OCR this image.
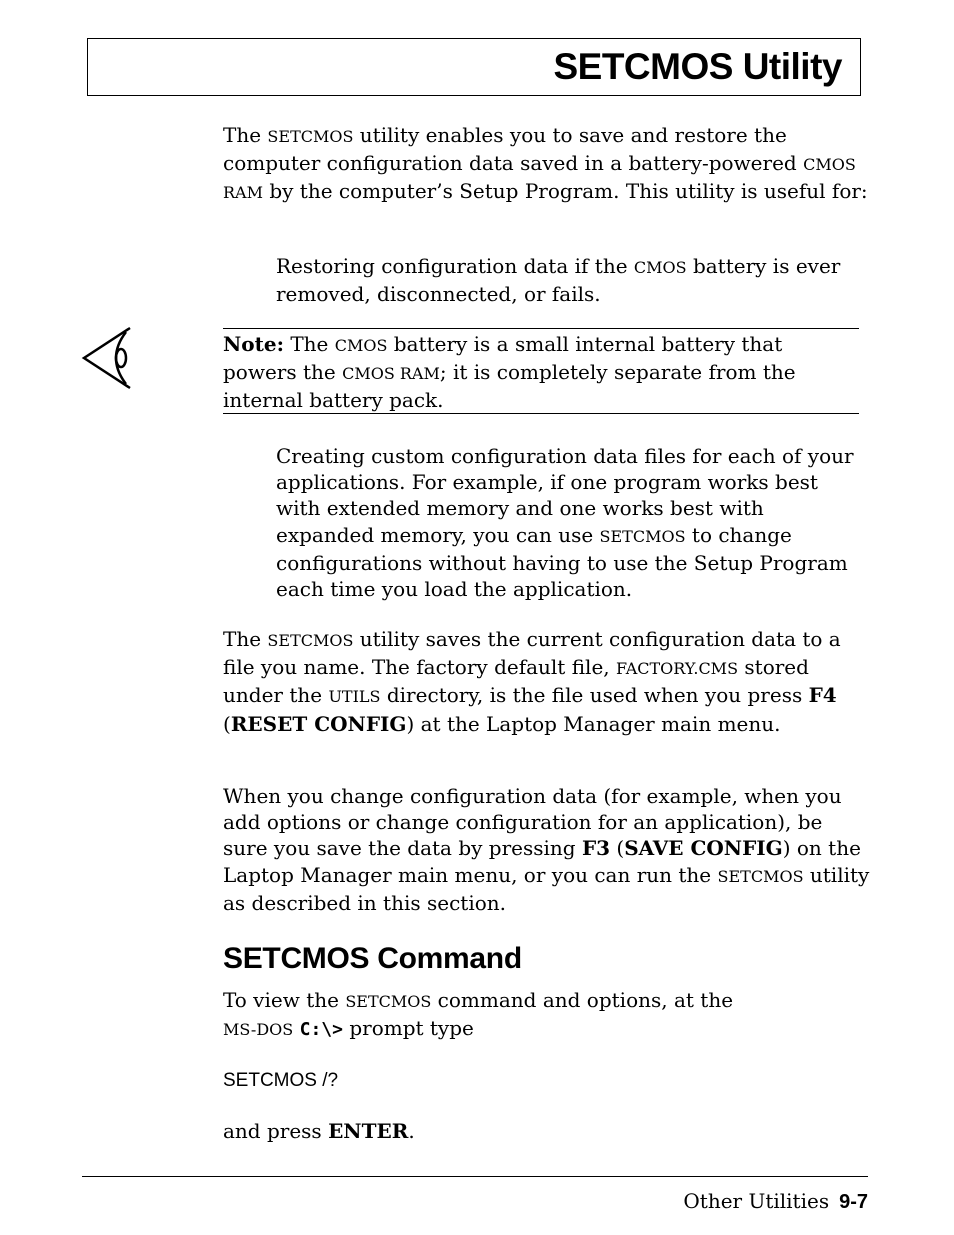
SETCMOS Utility

The SETCMOS utility enables you to save and restore the computer configuration data saved in a battery-powered CMOS RAM by the computer’s Setup Program. This utility is useful for:

Restoring configuration data if the CMOS battery is ever removed, disconnected, or fails.

Note: The CMOS battery is a small internal battery that powers the CMOS RAM; it is completely separate from the internal battery pack.

Creating custom configuration data files for each of your applications. For example, if one program works best with extended memory and one works best with expanded memory, you can use SETCMOS to change configurations without having to use the Setup Program each time you load the application.

The SETCMOS utility saves the current configuration data to a file you name. The factory default file, FACTORY.CMS stored under the UTILS directory, is the file used when you press F4 (RESET CONFIG) at the Laptop Manager main menu.

When you change configuration data (for example, when you add options or change configuration for an application), be sure you save the data by pressing F3 (SAVE CONFIG) on the Laptop Manager main menu, or you can run the SETCMOS utility as described in this section.

SETCMOS Command

To view the SETCMOS command and options, at the
MS-DOS C:\> prompt type

SETCMOS /?

and press ENTER.

Other Utilities 9-7
